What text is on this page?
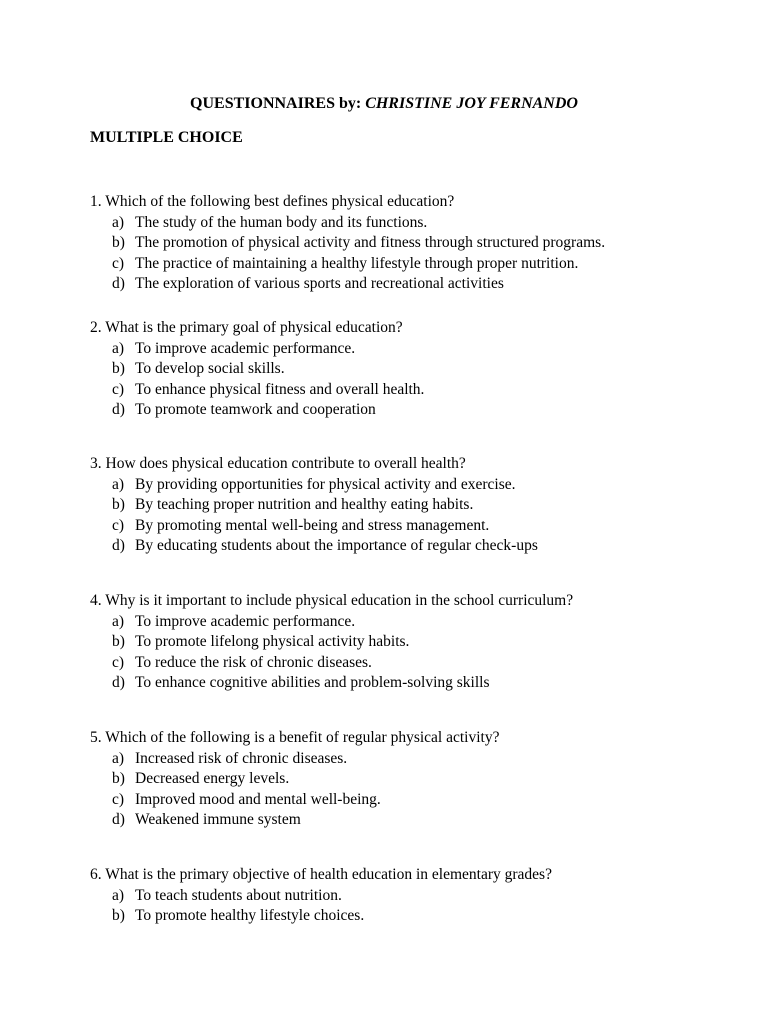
QUESTIONNAIRES by: CHRISTINE JOY FERNANDO
MULTIPLE CHOICE
1. Which of the following best defines physical education?
a) The study of the human body and its functions.
b) The promotion of physical activity and fitness through structured programs.
c) The practice of maintaining a healthy lifestyle through proper nutrition.
d) The exploration of various sports and recreational activities
2. What is the primary goal of physical education?
a) To improve academic performance.
b) To develop social skills.
c) To enhance physical fitness and overall health.
d) To promote teamwork and cooperation
3. How does physical education contribute to overall health?
a) By providing opportunities for physical activity and exercise.
b) By teaching proper nutrition and healthy eating habits.
c) By promoting mental well-being and stress management.
d) By educating students about the importance of regular check-ups
4. Why is it important to include physical education in the school curriculum?
a) To improve academic performance.
b) To promote lifelong physical activity habits.
c) To reduce the risk of chronic diseases.
d) To enhance cognitive abilities and problem-solving skills
5. Which of the following is a benefit of regular physical activity?
a) Increased risk of chronic diseases.
b) Decreased energy levels.
c) Improved mood and mental well-being.
d) Weakened immune system
6. What is the primary objective of health education in elementary grades?
a) To teach students about nutrition.
b) To promote healthy lifestyle choices.
